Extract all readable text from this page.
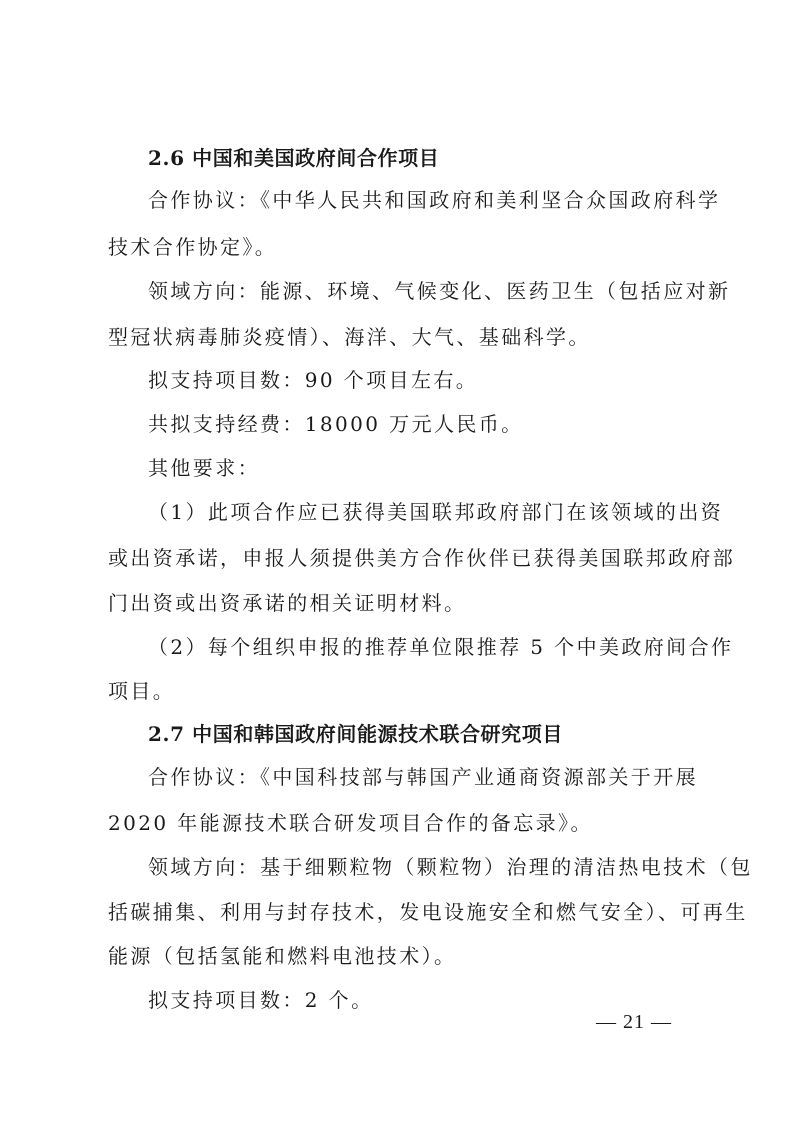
2.6 中国和美国政府间合作项目
合作协议：《中华人民共和国政府和美利坚合众国政府科学
技术合作协定》。
领域方向：能源、环境、气候变化、医药卫生（包括应对新
型冠状病毒肺炎疫情）、海洋、大气、基础科学。
拟支持项目数：90 个项目左右。
共拟支持经费：18000 万元人民币。
其他要求：
（1）此项合作应已获得美国联邦政府部门在该领域的出资
或出资承诺，申报人须提供美方合作伙伴已获得美国联邦政府部
门出资或出资承诺的相关证明材料。
（2）每个组织申报的推荐单位限推荐 5 个中美政府间合作
项目。
2.7 中国和韩国政府间能源技术联合研究项目
合作协议：《中国科技部与韩国产业通商资源部关于开展
2020 年能源技术联合研发项目合作的备忘录》。
领域方向：基于细颗粒物（颗粒物）治理的清洁热电技术（包
括碳捕集、利用与封存技术，发电设施安全和燃气安全）、可再生
能源（包括氢能和燃料电池技术）。
拟支持项目数：2 个。
— 21 —
